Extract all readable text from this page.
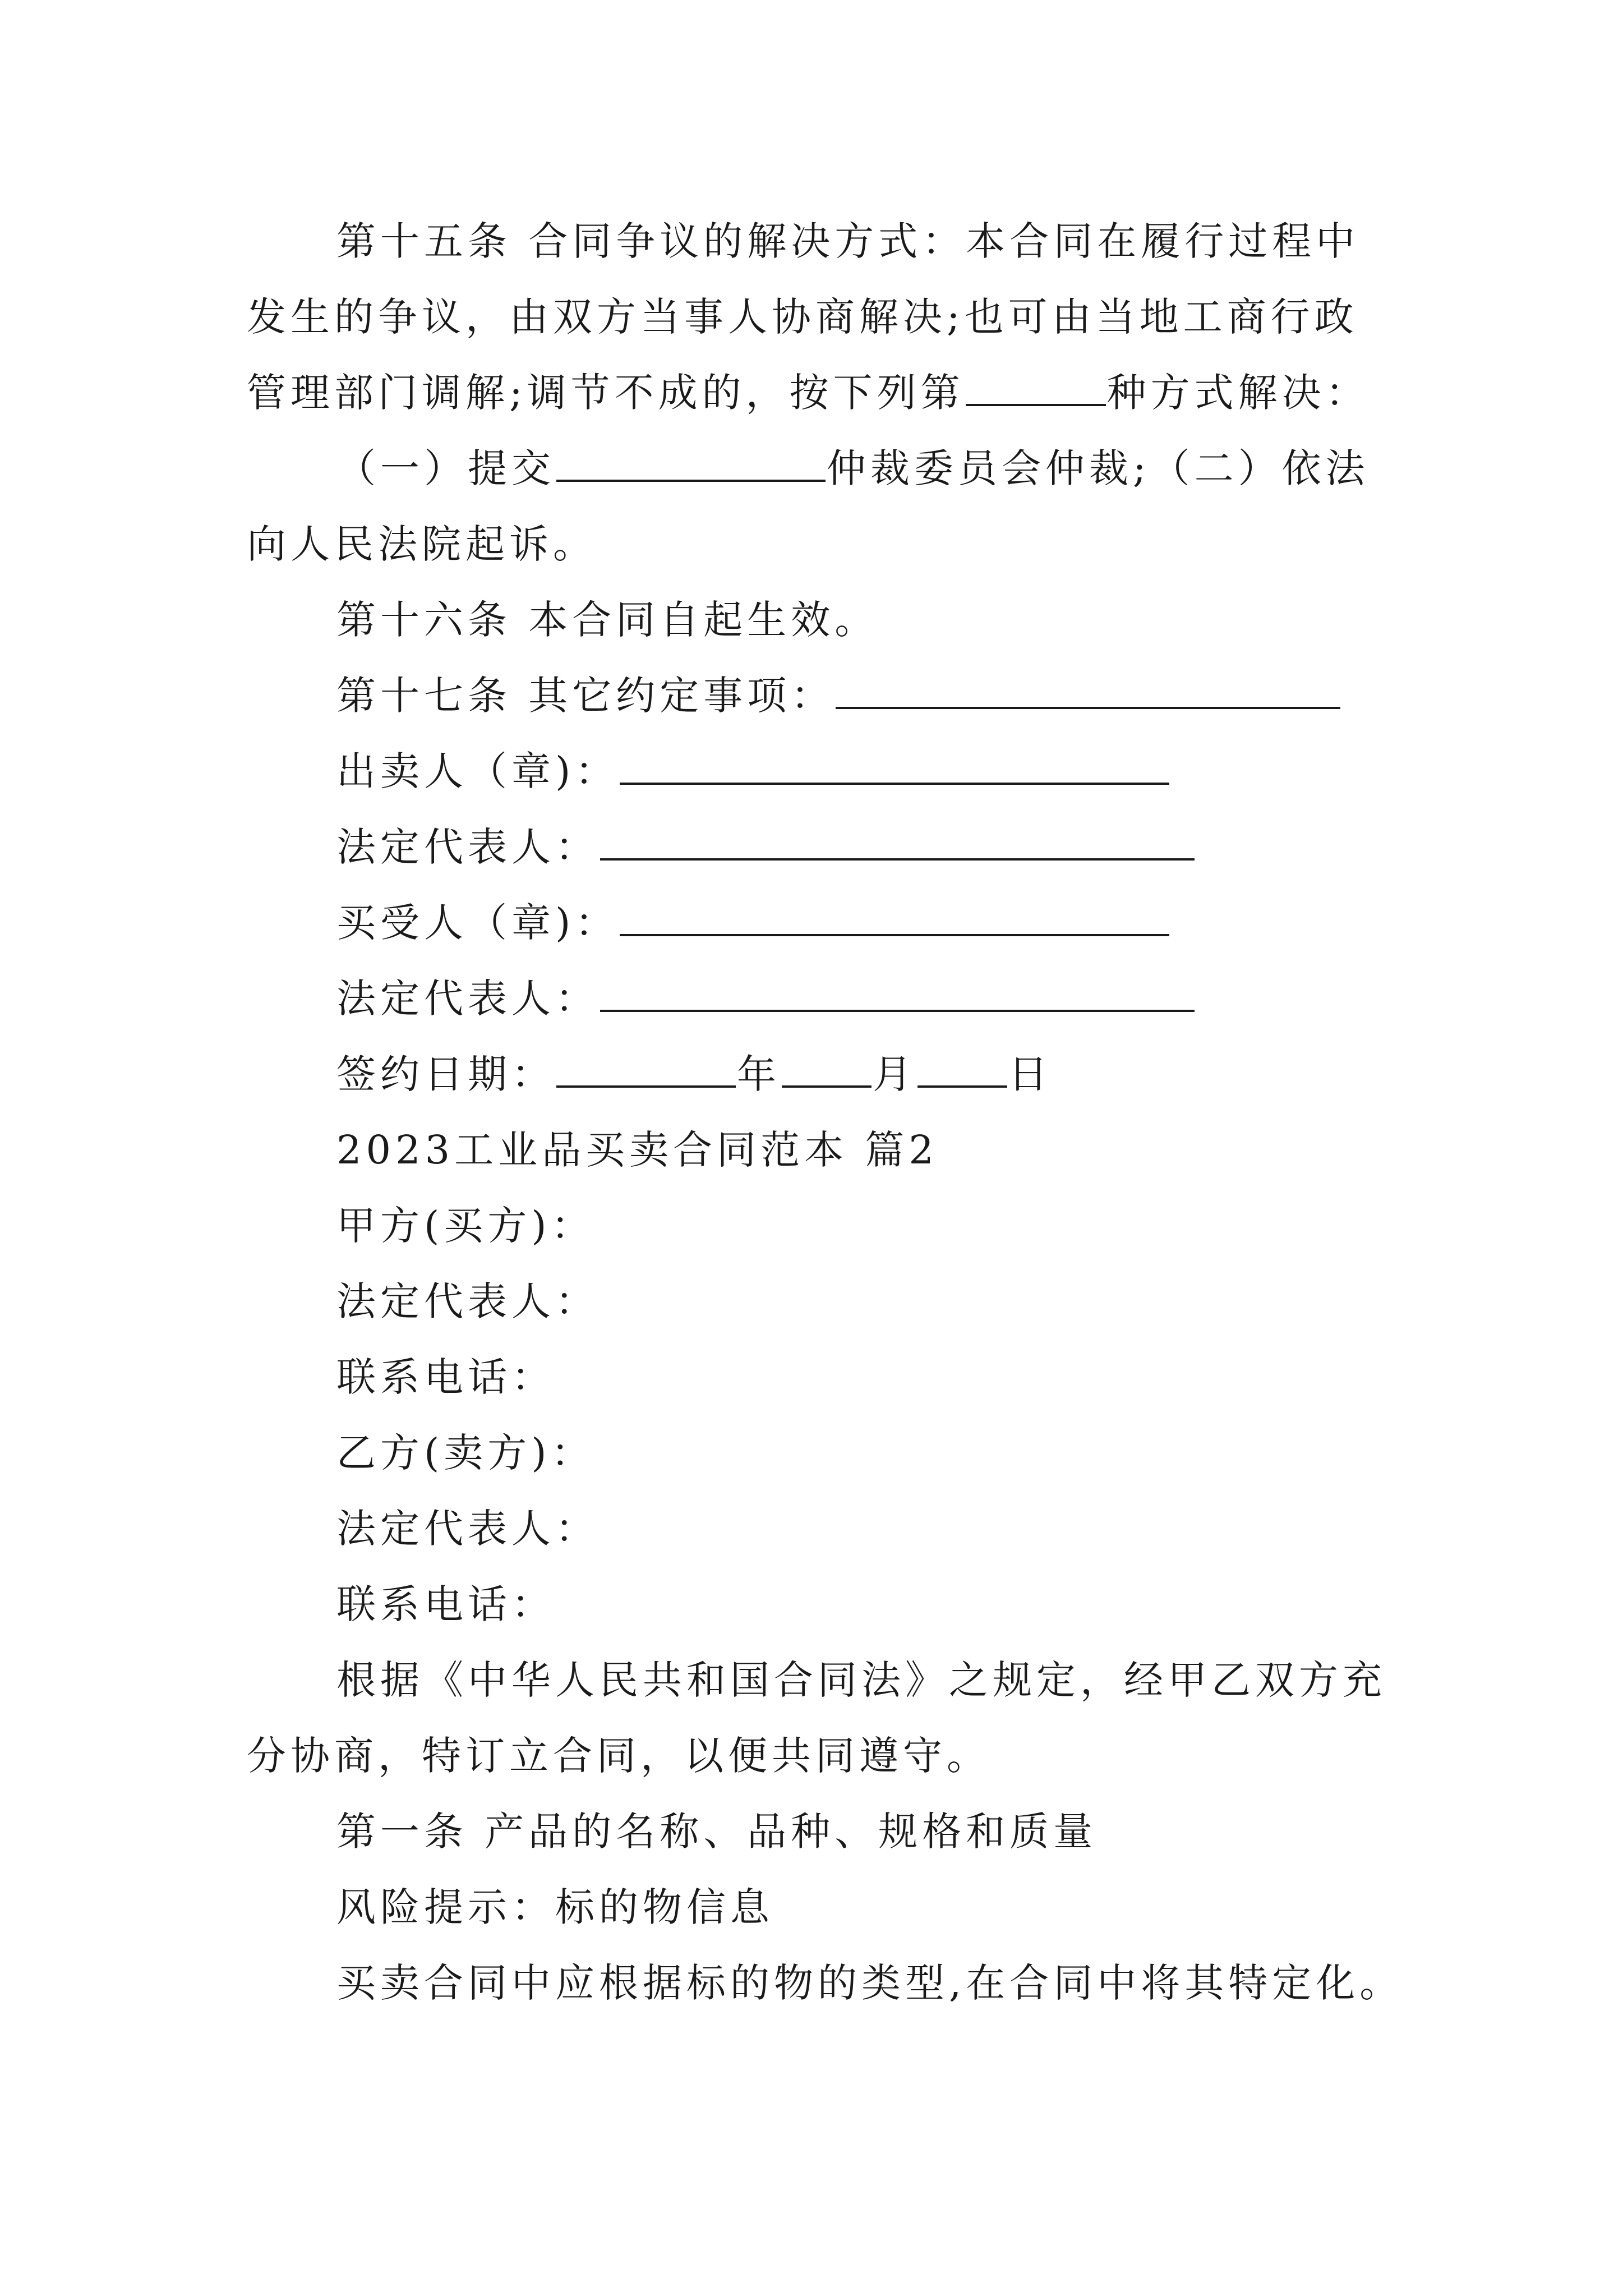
第十五条 合同争议的解决方式：本合同在履行过程中
发生的争议，由双方当事人协商解决;也可由当地工商行政
管理部门调解;调节不成的，按下列第	种方式解决：
（一）提交	仲裁委员会仲裁;（二）依法
向人民法院起诉。
第十六条 本合同自起生效。
第十七条 其它约定事项：
出卖人（章)：
法定代表人：
买受人（章)：
法定代表人：
签约日期：	年 月 日
2023工业品买卖合同范本 篇2
甲方(买方)：
法定代表人：
联系电话：
乙方(卖方)：
法定代表人：
联系电话：
根据《中华人民共和国合同法》之规定，经甲乙双方充
分协商，特订立合同，以便共同遵守。
第一条 产品的名称、品种、规格和质量
风险提示：标的物信息
买卖合同中应根据标的物的类型,在合同中将其特定化。
